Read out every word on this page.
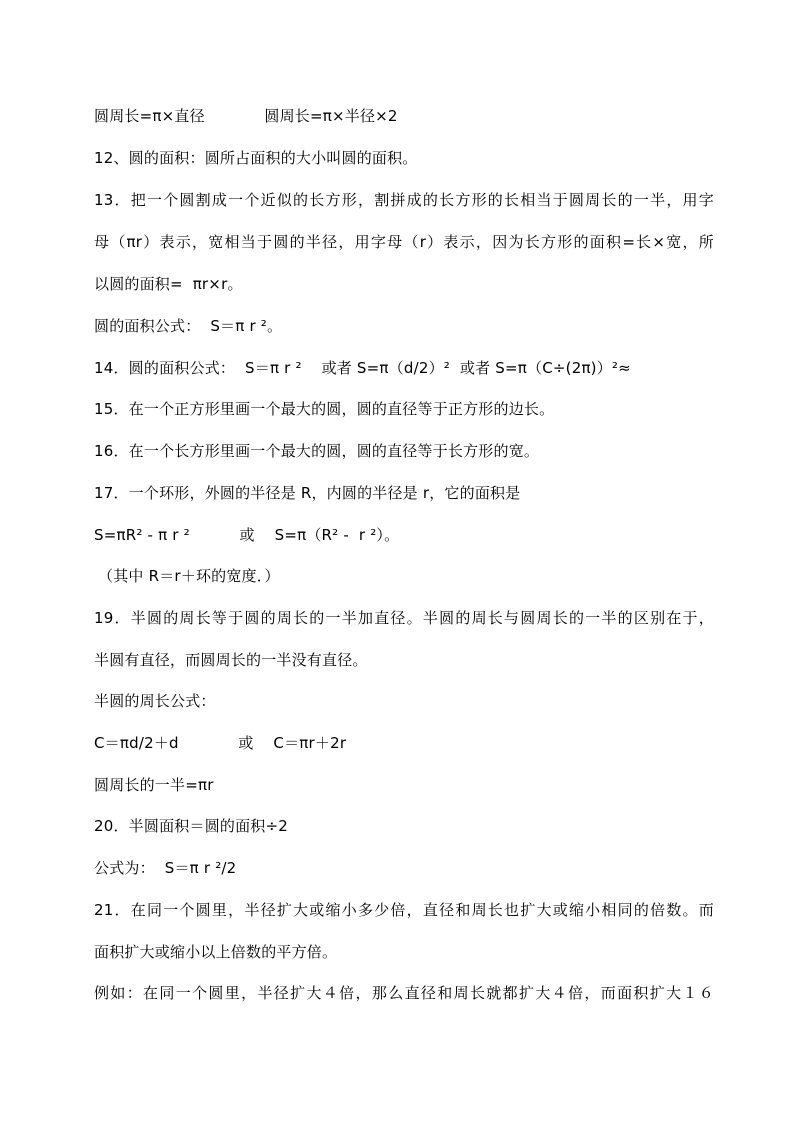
圆周长=π×直径            圆周长=π×半径×2
12、圆的面积：圆所占面积的大小叫圆的面积。
13．把一个圆割成一个近似的长方形，割拼成的长方形的长相当于圆周长的一半，用字
母（πr）表示，宽相当于圆的半径，用字母（r）表示，因为长方形的面积=长×宽，所
以圆的面积=  πr×r。
圆的面积公式：  S＝π r ²。
14．圆的面积公式：  S＝π r ²    或者 S=π（d/2）²  或者 S=π（C÷(2π)）²≈
15．在一个正方形里画一个最大的圆，圆的直径等于正方形的边长。
16．在一个长方形里画一个最大的圆，圆的直径等于长方形的宽。
17．一个环形，外圆的半径是 R，内圆的半径是 r，它的面积是
S=πR² - π r ²          或    S=π（R² -  r ²）。
（其中 R＝r＋环的宽度．）
19．半圆的周长等于圆的周长的一半加直径。半圆的周长与圆周长的一半的区别在于，
半圆有直径，而圆周长的一半没有直径。
半圆的周长公式：
C＝πd/2＋d            或    C＝πr＋2r
圆周长的一半=πr
20．半圆面积＝圆的面积÷2
公式为：  S＝π r ²/2
21．在同一个圆里，半径扩大或缩小多少倍，直径和周长也扩大或缩小相同的倍数。而
面积扩大或缩小以上倍数的平方倍。
例如：在同一个圆里，半径扩大４倍，那么直径和周长就都扩大４倍，而面积扩大１６
